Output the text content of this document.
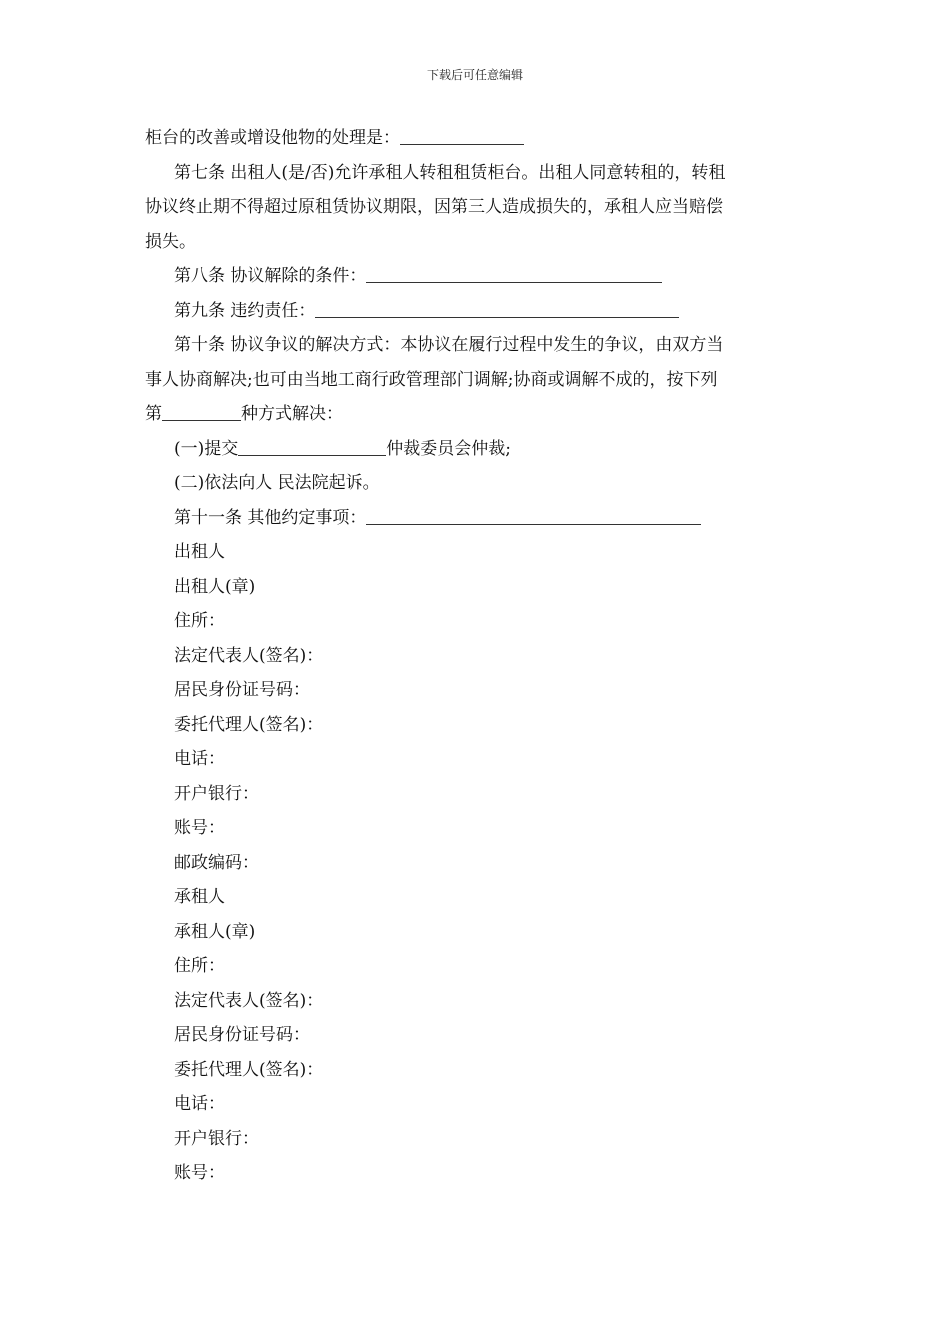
下载后可任意编辑
柜台的改善或增设他物的处理是：
第七条 出租人(是/否)允许承租人转租租赁柜台。出租人同意转租的，转租
协议终止期不得超过原租赁协议期限，因第三人造成损失的，承租人应当赔偿
损失。
第八条 协议解除的条件：
第九条 违约责任：
第十条 协议争议的解决方式：本协议在履行过程中发生的争议，由双方当
事人协商解决;也可由当地工商行政管理部门调解;协商或调解不成的，按下列
第	种方式解决：
(一)提交	仲裁委员会仲裁;
(二)依法向人 民法院起诉。
第十一条 其他约定事项：
出租人
出租人(章)
住所：
法定代表人(签名)：
居民身份证号码：
委托代理人(签名)：
电话：
开户银行：
账号：
邮政编码：
承租人
承租人(章)
住所：
法定代表人(签名)：
居民身份证号码：
委托代理人(签名)：
电话：
开户银行：
账号：
